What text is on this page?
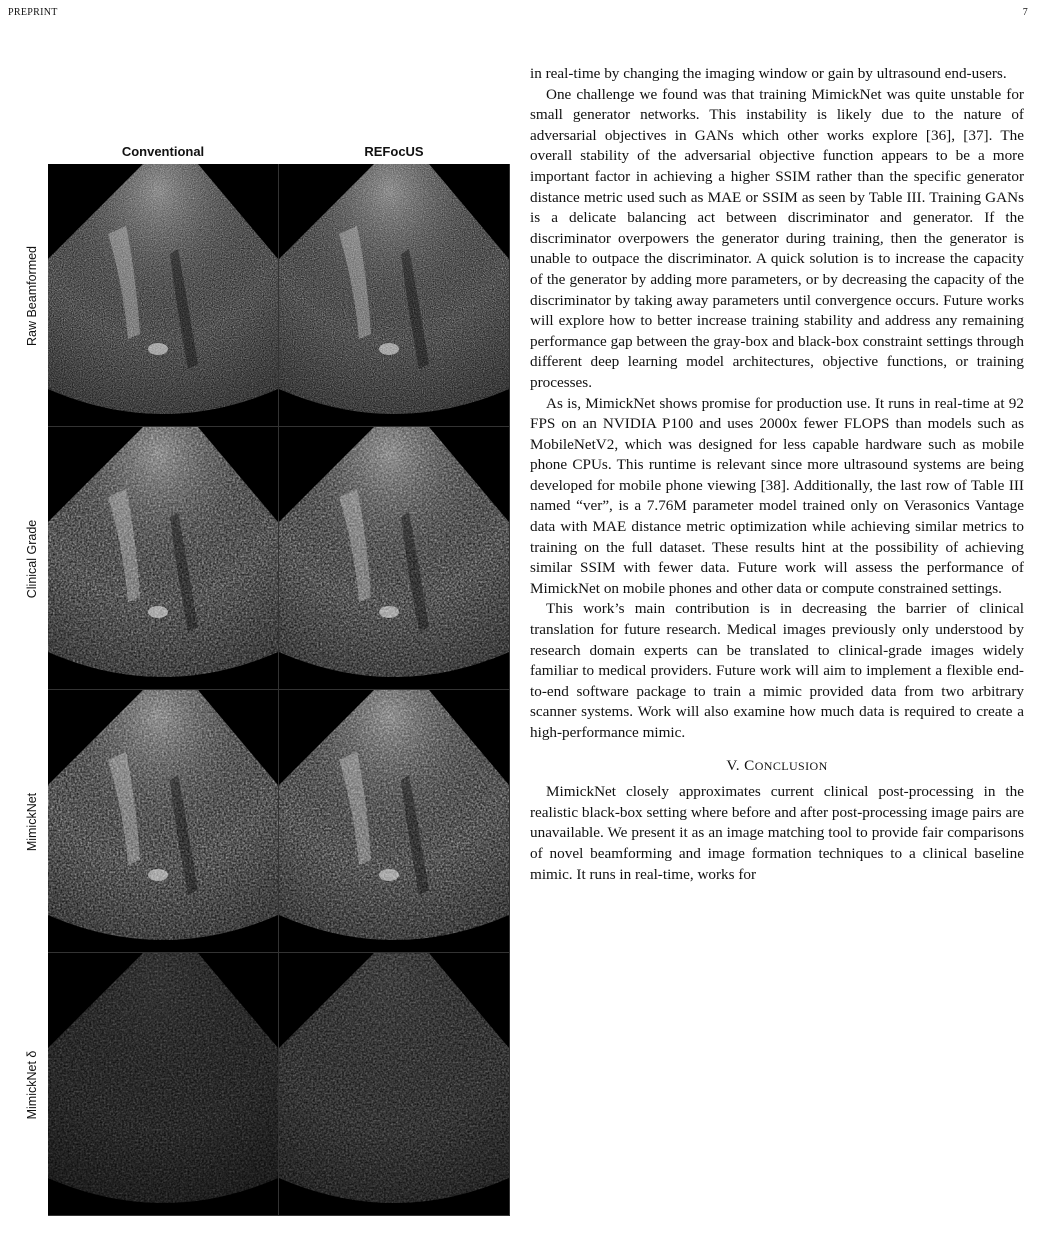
PREPRINT	7
Conventional	REFocUS
Raw Beamformed
Clinical Grade
MimickNet
MimickNet δ

in real-time by changing the imaging window or gain by ultrasound end-users.

One challenge we found was that training MimickNet was quite unstable for small generator networks. This instability is likely due to the nature of adversarial objectives in GANs which other works explore [36], [37]. The overall stability of the adversarial objective function appears to be a more important factor in achieving a higher SSIM rather than the specific generator distance metric used such as MAE or SSIM as seen by Table III. Training GANs is a delicate balancing act between discriminator and generator. If the discriminator overpowers the generator during training, then the generator is unable to outpace the discriminator. A quick solution is to increase the capacity of the generator by adding more parameters, or by decreasing the capacity of the discriminator by taking away parameters until convergence occurs. Future works will explore how to better increase training stability and address any remaining performance gap between the gray-box and black-box constraint settings through different deep learning model architectures, objective functions, or training processes.

As is, MimickNet shows promise for production use. It runs in real-time at 92 FPS on an NVIDIA P100 and uses 2000x fewer FLOPS than models such as MobileNetV2, which was designed for less capable hardware such as mobile phone CPUs. This runtime is relevant since more ultrasound systems are being developed for mobile phone viewing [38]. Additionally, the last row of Table III named “ver”, is a 7.76M parameter model trained only on Verasonics Vantage data with MAE distance metric optimization while achieving similar metrics to training on the full dataset. These results hint at the possibility of achieving similar SSIM with fewer data. Future work will assess the performance of MimickNet on mobile phones and other data or compute constrained settings.

This work’s main contribution is in decreasing the barrier of clinical translation for future research. Medical images previously only understood by research domain experts can be translated to clinical-grade images widely familiar to medical providers. Future work will aim to implement a flexible end-to-end software package to train a mimic provided data from two arbitrary scanner systems. Work will also examine how much data is required to create a high-performance mimic.

V. CONCLUSION

MimickNet closely approximates current clinical post-processing in the realistic black-box setting where before and after post-processing image pairs are unavailable. We present it as an image matching tool to provide fair comparisons of novel beamforming and image formation techniques to a clinical baseline mimic. It runs in real-time, works for
